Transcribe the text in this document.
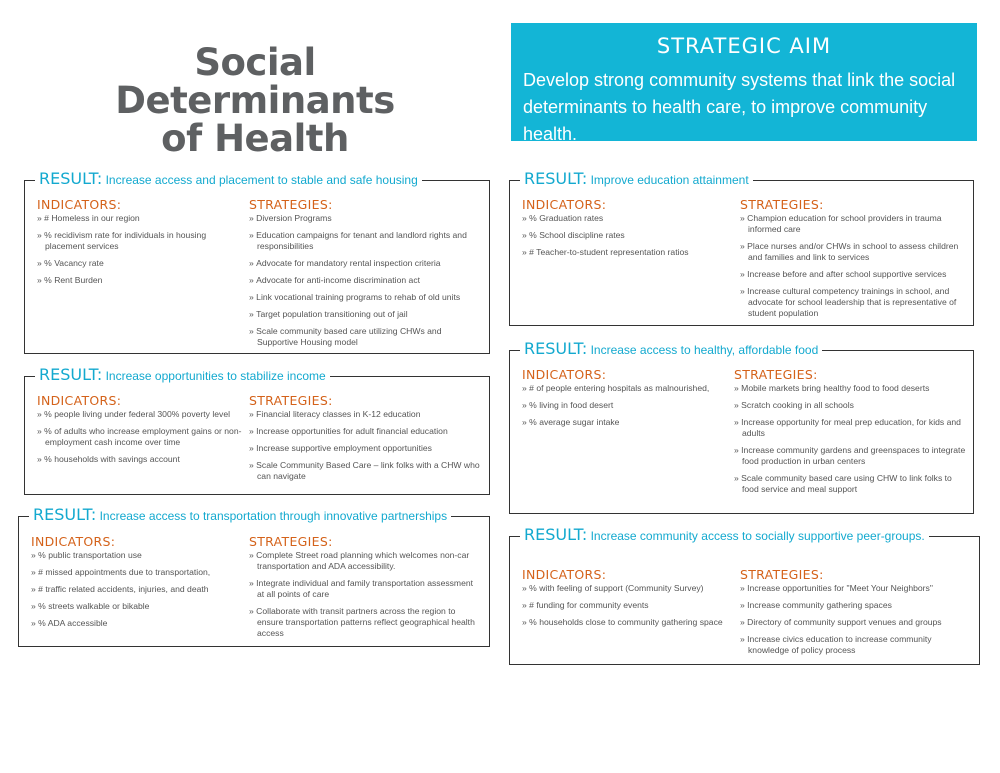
Social Determinants
of Health
STRATEGIC AIM
Develop strong community systems that link the social determinants to health care, to improve community health.
RESULT: Increase access and placement to stable and safe housing
INDICATORS:
» # Homeless in our region
» % recidivism rate for individuals in housing placement services
» % Vacancy rate
» % Rent Burden
STRATEGIES:
» Diversion Programs
» Education campaigns for tenant and landlord rights and responsibilities
» Advocate for mandatory rental inspection criteria
» Advocate for anti-income discrimination act
» Link vocational training programs to rehab of old units
» Target population transitioning out of jail
» Scale community based care utilizing CHWs and Supportive Housing model
RESULT: Increase opportunities to stabilize income
INDICATORS:
» % people living under federal 300% poverty level
» % of adults who increase employment gains or non-employment cash income over time
» % households with savings account
STRATEGIES:
» Financial literacy classes in K-12 education
» Increase opportunities for adult financial education
» Increase supportive employment opportunities
» Scale Community Based Care – link folks with a CHW who can navigate
RESULT: Increase access to transportation through innovative partnerships
INDICATORS:
» % public transportation use
» # missed appointments due to transportation,
» # traffic related accidents, injuries, and death
» % streets walkable or bikable
» % ADA accessible
STRATEGIES:
» Complete Street road planning which welcomes non-car transportation and ADA accessibility.
» Integrate individual and family transportation assessment at all points of care
» Collaborate with transit partners across the region to ensure transportation patterns reflect geographical health access
RESULT: Improve education attainment
INDICATORS:
» % Graduation rates
» % School discipline rates
» # Teacher-to-student representation ratios
STRATEGIES:
» Champion education for school providers in trauma informed care
» Place nurses and/or CHWs in school to assess children and families and link to services
» Increase before and after school supportive services
» Increase cultural competency trainings in school, and advocate for school leadership that is representative of student population
RESULT: Increase access to healthy, affordable food
INDICATORS:
» # of people entering hospitals as malnourished,
» % living in food desert
» % average sugar intake
STRATEGIES:
» Mobile markets bring healthy food to food deserts
» Scratch cooking in all schools
» Increase opportunity for meal prep education, for kids and adults
» Increase community gardens and greenspaces to integrate food production in urban centers
» Scale community based care using CHW to link folks to food service and meal support
RESULT: Increase community access to socially supportive peer-groups.
INDICATORS:
» % with feeling of support (Community Survey)
» # funding for community events
» % households close to community gathering space
STRATEGIES:
» Increase opportunities for "Meet Your Neighbors"
» Increase community gathering spaces
» Directory of community support venues and groups
» Increase civics education to increase community knowledge of policy process
